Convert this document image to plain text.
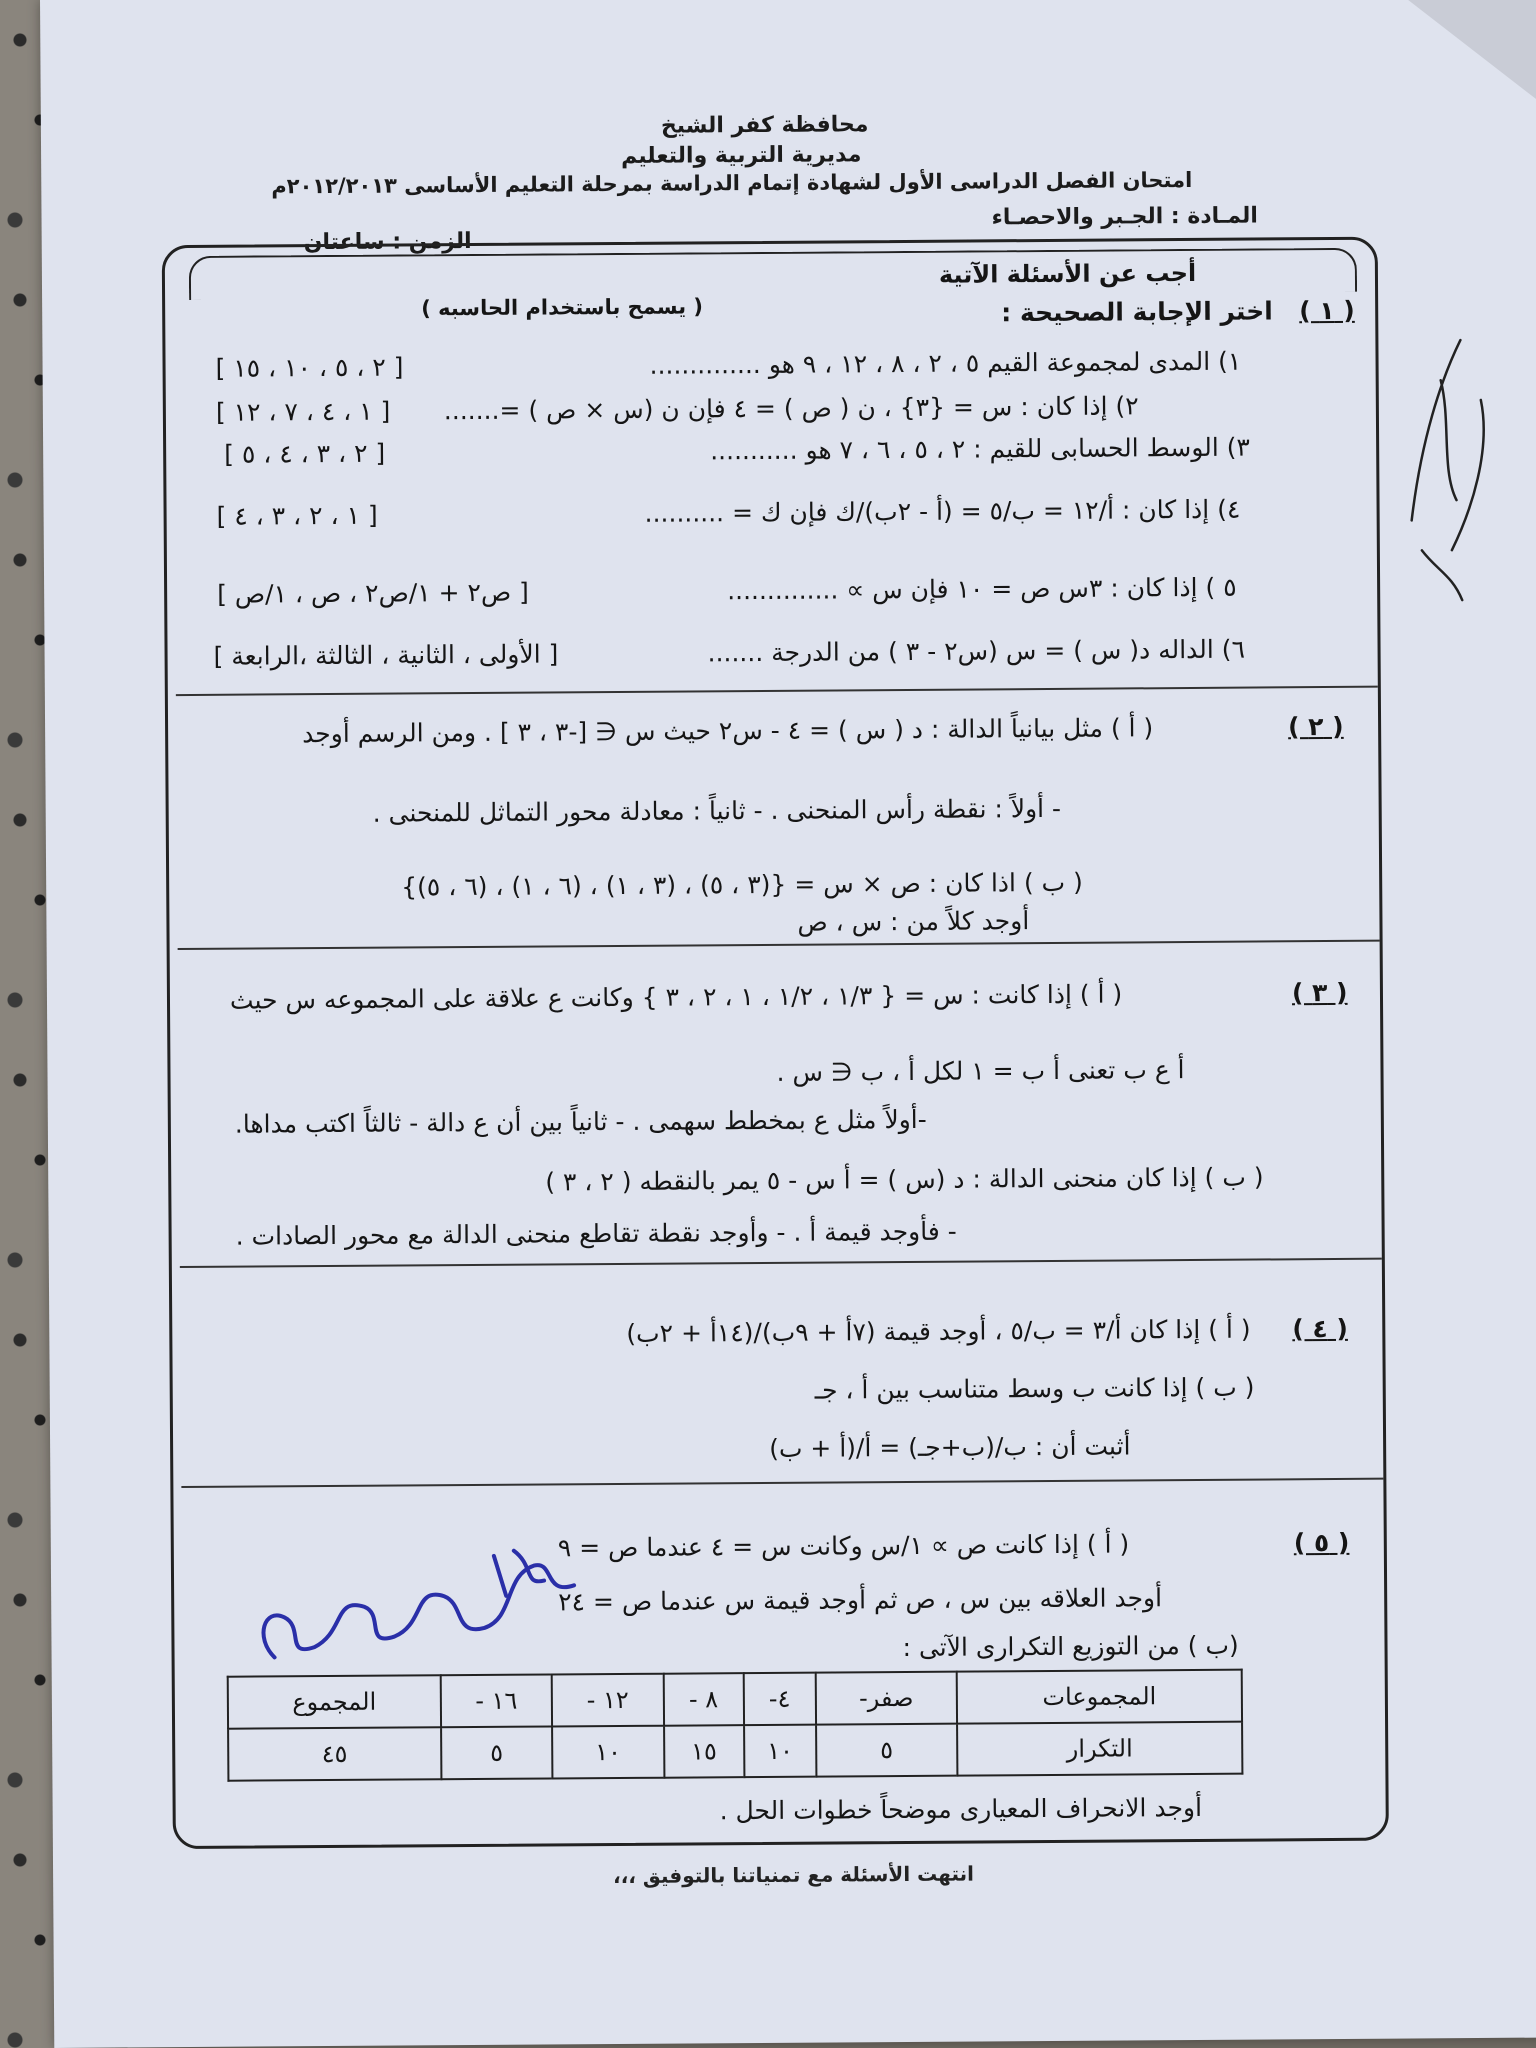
محافظة كفر الشيخ
مديرية التربية والتعليم
امتحان الفصل الدراسى الأول لشهادة إتمام الدراسة بمرحلة التعليم الأساسى ٢٠١٢/٢٠١٣م
المـادة : الجـبر والاحصـاء
الزمن : ساعتان
أجب عن الأسئلة الآتية
( يسمح باستخدام الحاسبه )	( ١ )
اختر الإجابة الصحيحة :
١) المدى لمجموعة القيم ٥ ، ٢ ، ٨ ، ١٢ ، ٩ هو ..............
[ ٢ ، ٥ ، ١٠ ، ١٥ ]
٢) إذا كان : س = {٣} ، ن ( ص ) = ٤ فإن ن (س × ص ) =.......
[ ١ ، ٤ ، ٧ ، ١٢ ]
٣) الوسط الحسابى للقيم : ٢ ، ٥ ، ٦ ، ٧ هو ...........
[ ٢ ، ٣ ، ٤ ، ٥ ]
٤) إذا كان : أ/١٢ = ب/٥ = (أ - ٢ب)/ك فإن ك = ..........
[ ١ ، ٢ ، ٣ ، ٤ ]
٥ ) إذا كان : ٣س ص = ١٠ فإن س ∝ ..............
[ ص٢ + ١/ص٢ ، ص ، ١/ص ]
٦) الداله د( س ) = س (س٢ - ٣ ) من الدرجة .......
[ الأولى ، الثانية ، الثالثة ،الرابعة ]
( ٢ )
( أ ) مثل بيانياً الدالة : د ( س ) = ٤ - س٢ حيث س ∈ [-٣ ، ٣ ] . ومن الرسم أوجد
- أولاً : نقطة رأس المنحنى . - ثانياً : معادلة محور التماثل للمنحنى .
( ب ) اذا كان : ص × س = {(٣ ، ٥) ، (٣ ، ١) ، (٦ ، ١) ، (٦ ، ٥)}
أوجد كلاً من : س ، ص
( ٣ )
( أ ) إذا كانت : س = { ١/٣ ، ١/٢ ، ١ ، ٢ ، ٣ } وكانت ع علاقة على المجموعه س حيث
أ ع ب تعنى أ ب = ١ لكل أ ، ب ∈ س .
-أولاً مثل ع بمخطط سهمى . - ثانياً بين أن ع دالة - ثالثاً اكتب مداها.
( ب ) إذا كان منحنى الدالة : د (س ) = أ س - ٥ يمر بالنقطه ( ٢ ، ٣ )
- فأوجد قيمة أ . - وأوجد نقطة تقاطع منحنى الدالة مع محور الصادات .
( ٤ )
( أ ) إذا كان أ/٣ = ب/٥ ، أوجد قيمة (٧أ + ٩ب)/(١٤أ + ٢ب)
( ب ) إذا كانت ب وسط متناسب بين أ ، جـ
أثبت أن : ب/(ب+جـ) = أ/(أ + ب)
( ٥ )
( أ ) إذا كانت ص ∝ ١/س وكانت س = ٤ عندما ص = ٩
أوجد العلاقه بين س ، ص ثم أوجد قيمة س عندما ص = ٢٤
(ب ) من التوزيع التكرارى الآتى :
المجموعات	صفر-	٤-	٨ -	١٢ -	١٦ -	المجموع
التكرار	٥	١٠	١٥	١٠	٥	٤٥
أوجد الانحراف المعيارى موضحاً خطوات الحل .
انتهت الأسئلة مع تمنياتنا بالتوفيق ،،،
